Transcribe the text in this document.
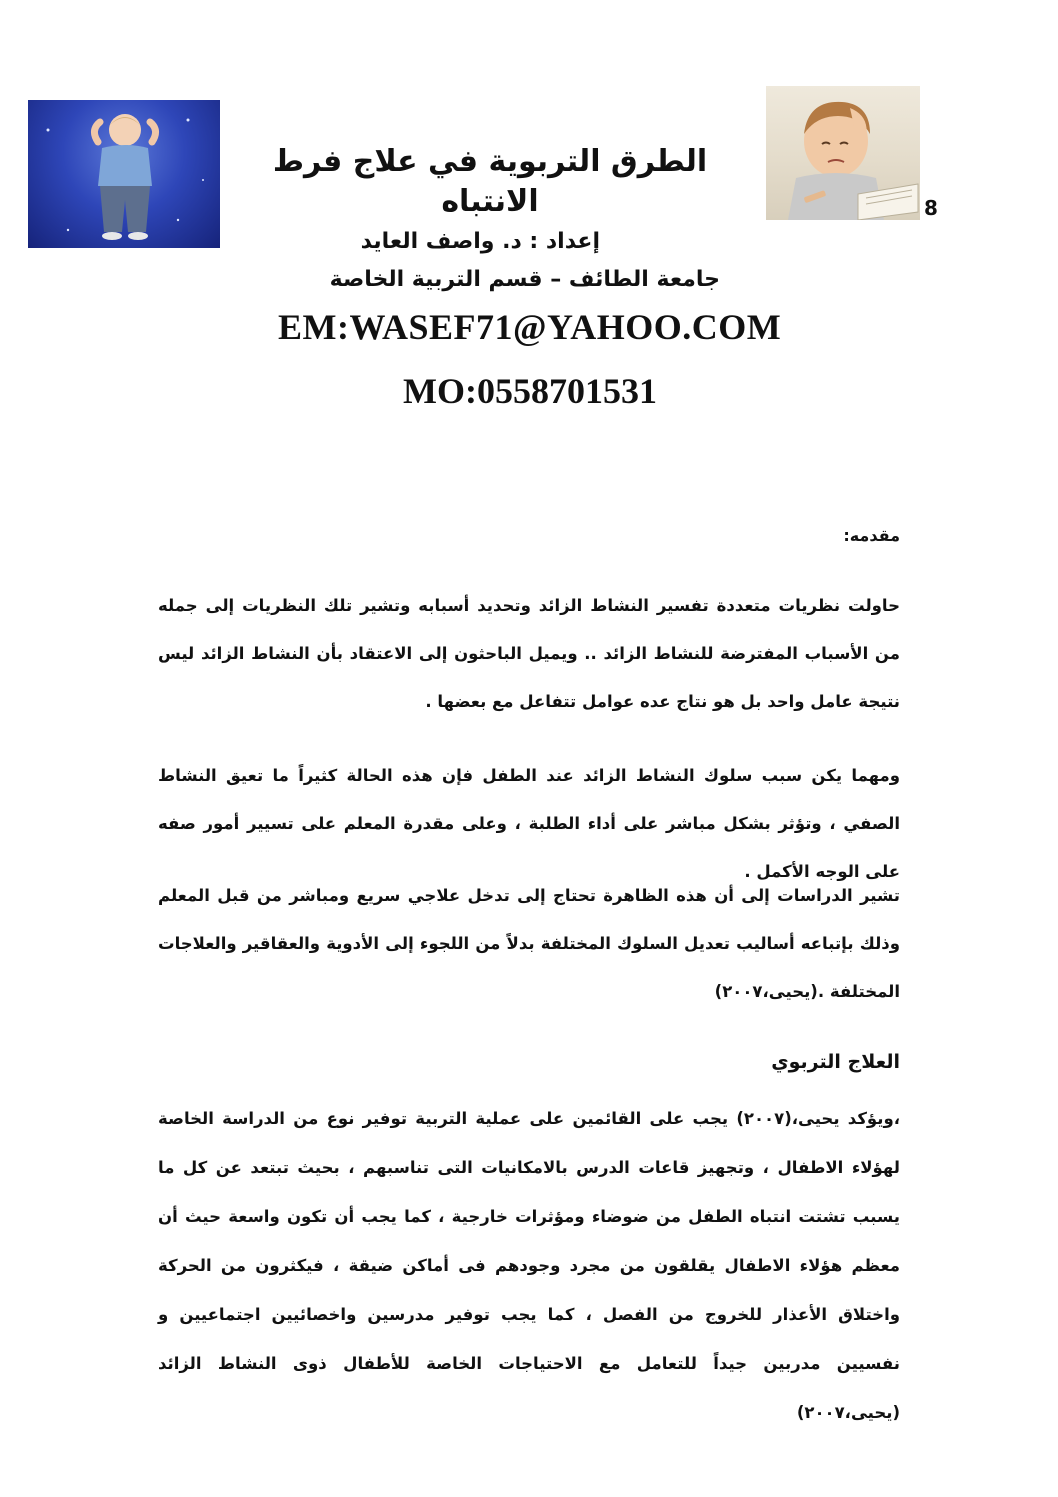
8
الطرق التربوية في علاج فرط الانتباه
إعداد : د. واصف العايد
جامعة الطائف – قسم التربية الخاصة
EM:WASEF71@YAHOO.COM
MO:0558701531
مقدمه:

حاولت نظريات متعددة تفسير النشاط الزائد وتحديد أسبابه وتشير تلك النظريات إلى جمله من الأسباب المفترضة للنشاط الزائد .. ويميل الباحثون إلى الاعتقاد بأن النشاط الزائد ليس نتيجة عامل واحد بل هو نتاج عده عوامل تتفاعل مع بعضها .

ومهما يكن سبب سلوك النشاط الزائد عند الطفل فإن هذه الحالة كثيراً ما تعيق النشاط الصفي ، وتؤثر بشكل مباشر على أداء الطلبة ، وعلى مقدرة المعلم على تسيير أمور صفه على الوجه الأكمل .

تشير الدراسات إلى أن هذه الظاهرة تحتاج إلى تدخل علاجي سريع ومباشر من قبل المعلم وذلك بإتباعه أساليب تعديل السلوك المختلفة بدلاً من اللجوء إلى الأدوية والعقاقير والعلاجات المختلفة .(يحيى،٢٠٠٧)

العلاج التربوي

،ويؤكد يحيى،(٢٠٠٧) يجب على القائمين على عملية التربية توفير نوع من الدراسة الخاصة لهؤلاء الاطفال ، وتجهيز قاعات الدرس بالامكانيات التى تناسبهم ، بحيث تبتعد عن كل ما يسبب تشتت انتباه الطفل من ضوضاء ومؤثرات خارجية ، كما يجب أن تكون واسعة حيث أن معظم هؤلاء الاطفال يقلقون من مجرد وجودهم فى أماكن ضيقة ، فيكثرون من الحركة واختلاق الأعذار للخروج من الفصل ، كما يجب توفير مدرسين واخصائيين اجتماعيين و نفسيين مدربين جيداً للتعامل مع الاحتياجات الخاصة للأطفال ذوى النشاط الزائد (يحيى،٢٠٠٧)
